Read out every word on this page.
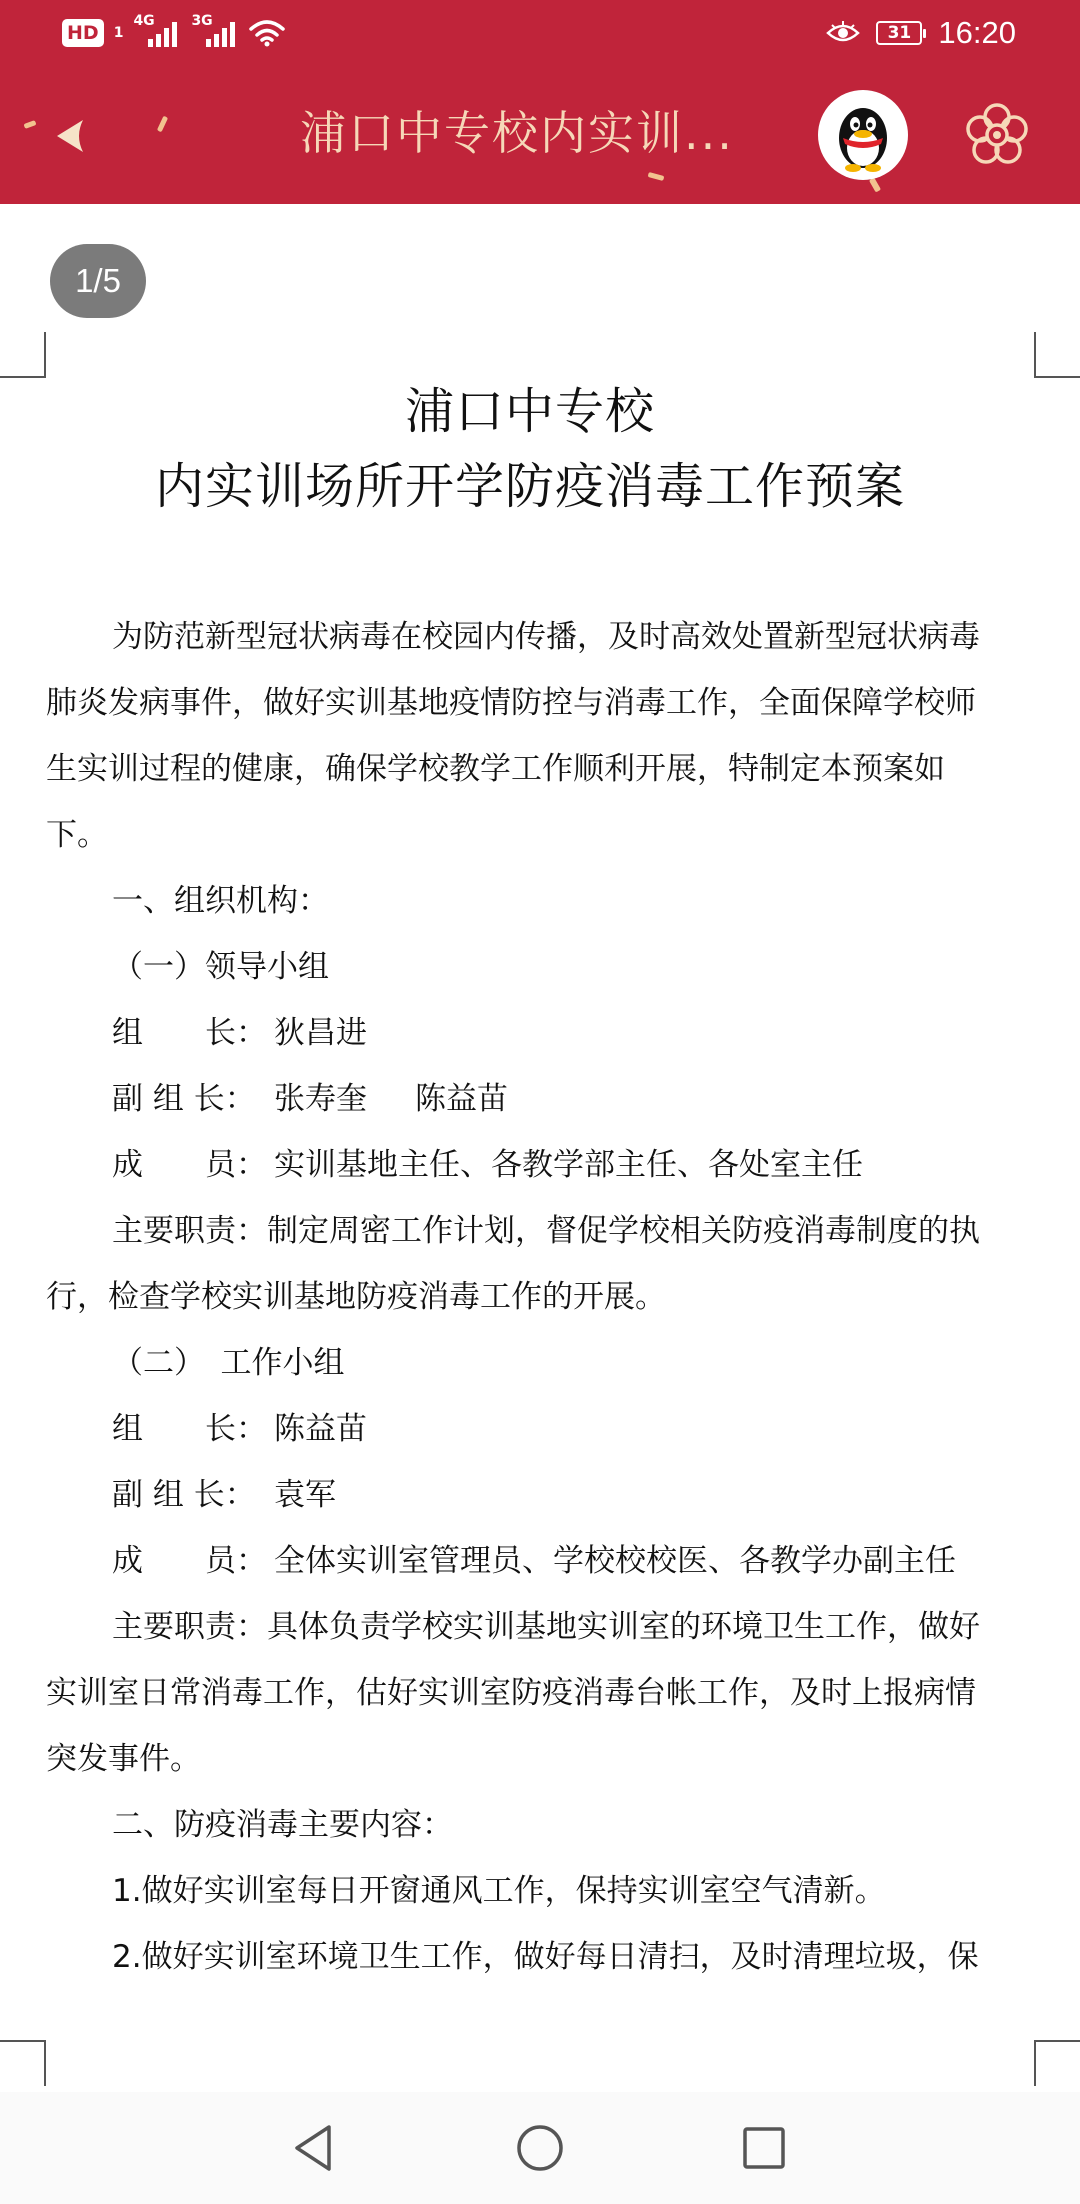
HD	1
4G	3G
31 16:20
浦口中专校内实训...
1/5
浦口中专校
内实训场所开学防疫消毒工作预案
为防范新型冠状病毒在校园内传播，及时高效处置新型冠状病毒
肺炎发病事件，做好实训基地疫情防控与消毒工作，全面保障学校师
生实训过程的健康，确保学校教学工作顺利开展，特制定本预案如
下。
一、组织机构：
（一）领导小组
组　　长： 狄昌进
副 组 长： 张寿奎 陈益苗
成　　员： 实训基地主任、各教学部主任、各处室主任
主要职责：制定周密工作计划，督促学校相关防疫消毒制度的执
行，检查学校实训基地防疫消毒工作的开展。
（二）　工作小组
组　　长： 陈益苗
副 组 长： 袁军
成　　员： 全体实训室管理员、学校校校医、各教学办副主任
主要职责：具体负责学校实训基地实训室的环境卫生工作，做好
实训室日常消毒工作，估好实训室防疫消毒台帐工作，及时上报病情
突发事件。
二、防疫消毒主要内容：
1.做好实训室每日开窗通风工作，保持实训室空气清新。
2.做好实训室环境卫生工作，做好每日清扫，及时清理垃圾，保
